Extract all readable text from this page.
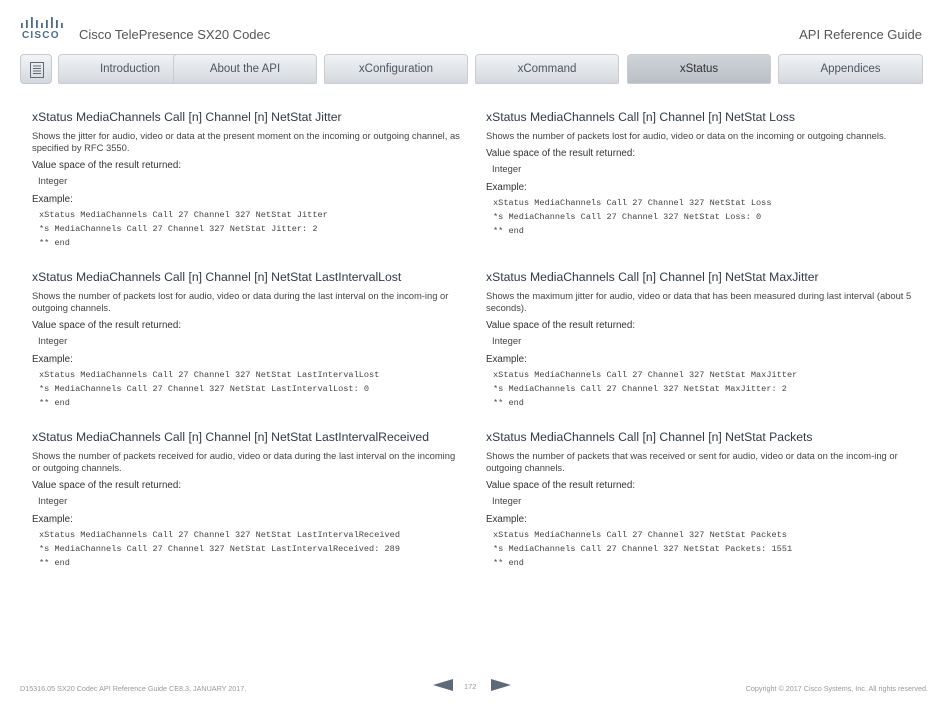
CISCO Cisco TelePresence SX20 Codec	API Reference Guide
Introduction	About the API	xConfiguration	xCommand	xStatus	Appendices
xStatus MediaChannels Call [n] Channel [n] NetStat Jitter

Shows the jitter for audio, video or data at the present moment on the incoming or outgoing channel, as specified by RFC 3550.

Value space of the result returned:

Integer

Example:

xStatus MediaChannels Call 27 Channel 327 NetStat Jitter
*s MediaChannels Call 27 Channel 327 NetStat Jitter: 2
** end
xStatus MediaChannels Call [n] Channel [n] NetStat LastIntervalLost

Shows the number of packets lost for audio, video or data during the last interval on the incom-ing or outgoing channels.

Value space of the result returned:

Integer

Example:

xStatus MediaChannels Call 27 Channel 327 NetStat LastIntervalLost
*s MediaChannels Call 27 Channel 327 NetStat LastIntervalLost: 0
** end
xStatus MediaChannels Call [n] Channel [n] NetStat LastIntervalReceived

Shows the number of packets received for audio, video or data during the last interval on the incoming or outgoing channels.

Value space of the result returned:

Integer

Example:

xStatus MediaChannels Call 27 Channel 327 NetStat LastIntervalReceived
*s MediaChannels Call 27 Channel 327 NetStat LastIntervalReceived: 289
** end
xStatus MediaChannels Call [n] Channel [n] NetStat Loss

Shows the number of packets lost for audio, video or data on the incoming or outgoing channels.

Value space of the result returned:

Integer

Example:

xStatus MediaChannels Call 27 Channel 327 NetStat Loss
*s MediaChannels Call 27 Channel 327 NetStat Loss: 0
** end
xStatus MediaChannels Call [n] Channel [n] NetStat MaxJitter

Shows the maximum jitter for audio, video or data that has been measured during last interval (about 5 seconds).

Value space of the result returned:

Integer

Example:

xStatus MediaChannels Call 27 Channel 327 NetStat MaxJitter
*s MediaChannels Call 27 Channel 327 NetStat MaxJitter: 2
** end
xStatus MediaChannels Call [n] Channel [n] NetStat Packets

Shows the number of packets that was received or sent for audio, video or data on the incom-ing or outgoing channels.

Value space of the result returned:

Integer

Example:

xStatus MediaChannels Call 27 Channel 327 NetStat Packets
*s MediaChannels Call 27 Channel 327 NetStat Packets: 1551
** end
D15316.05 SX20 Codec API Reference Guide CE8.3, JANUARY 2017.	172	Copyright © 2017 Cisco Systems, Inc. All rights reserved.
